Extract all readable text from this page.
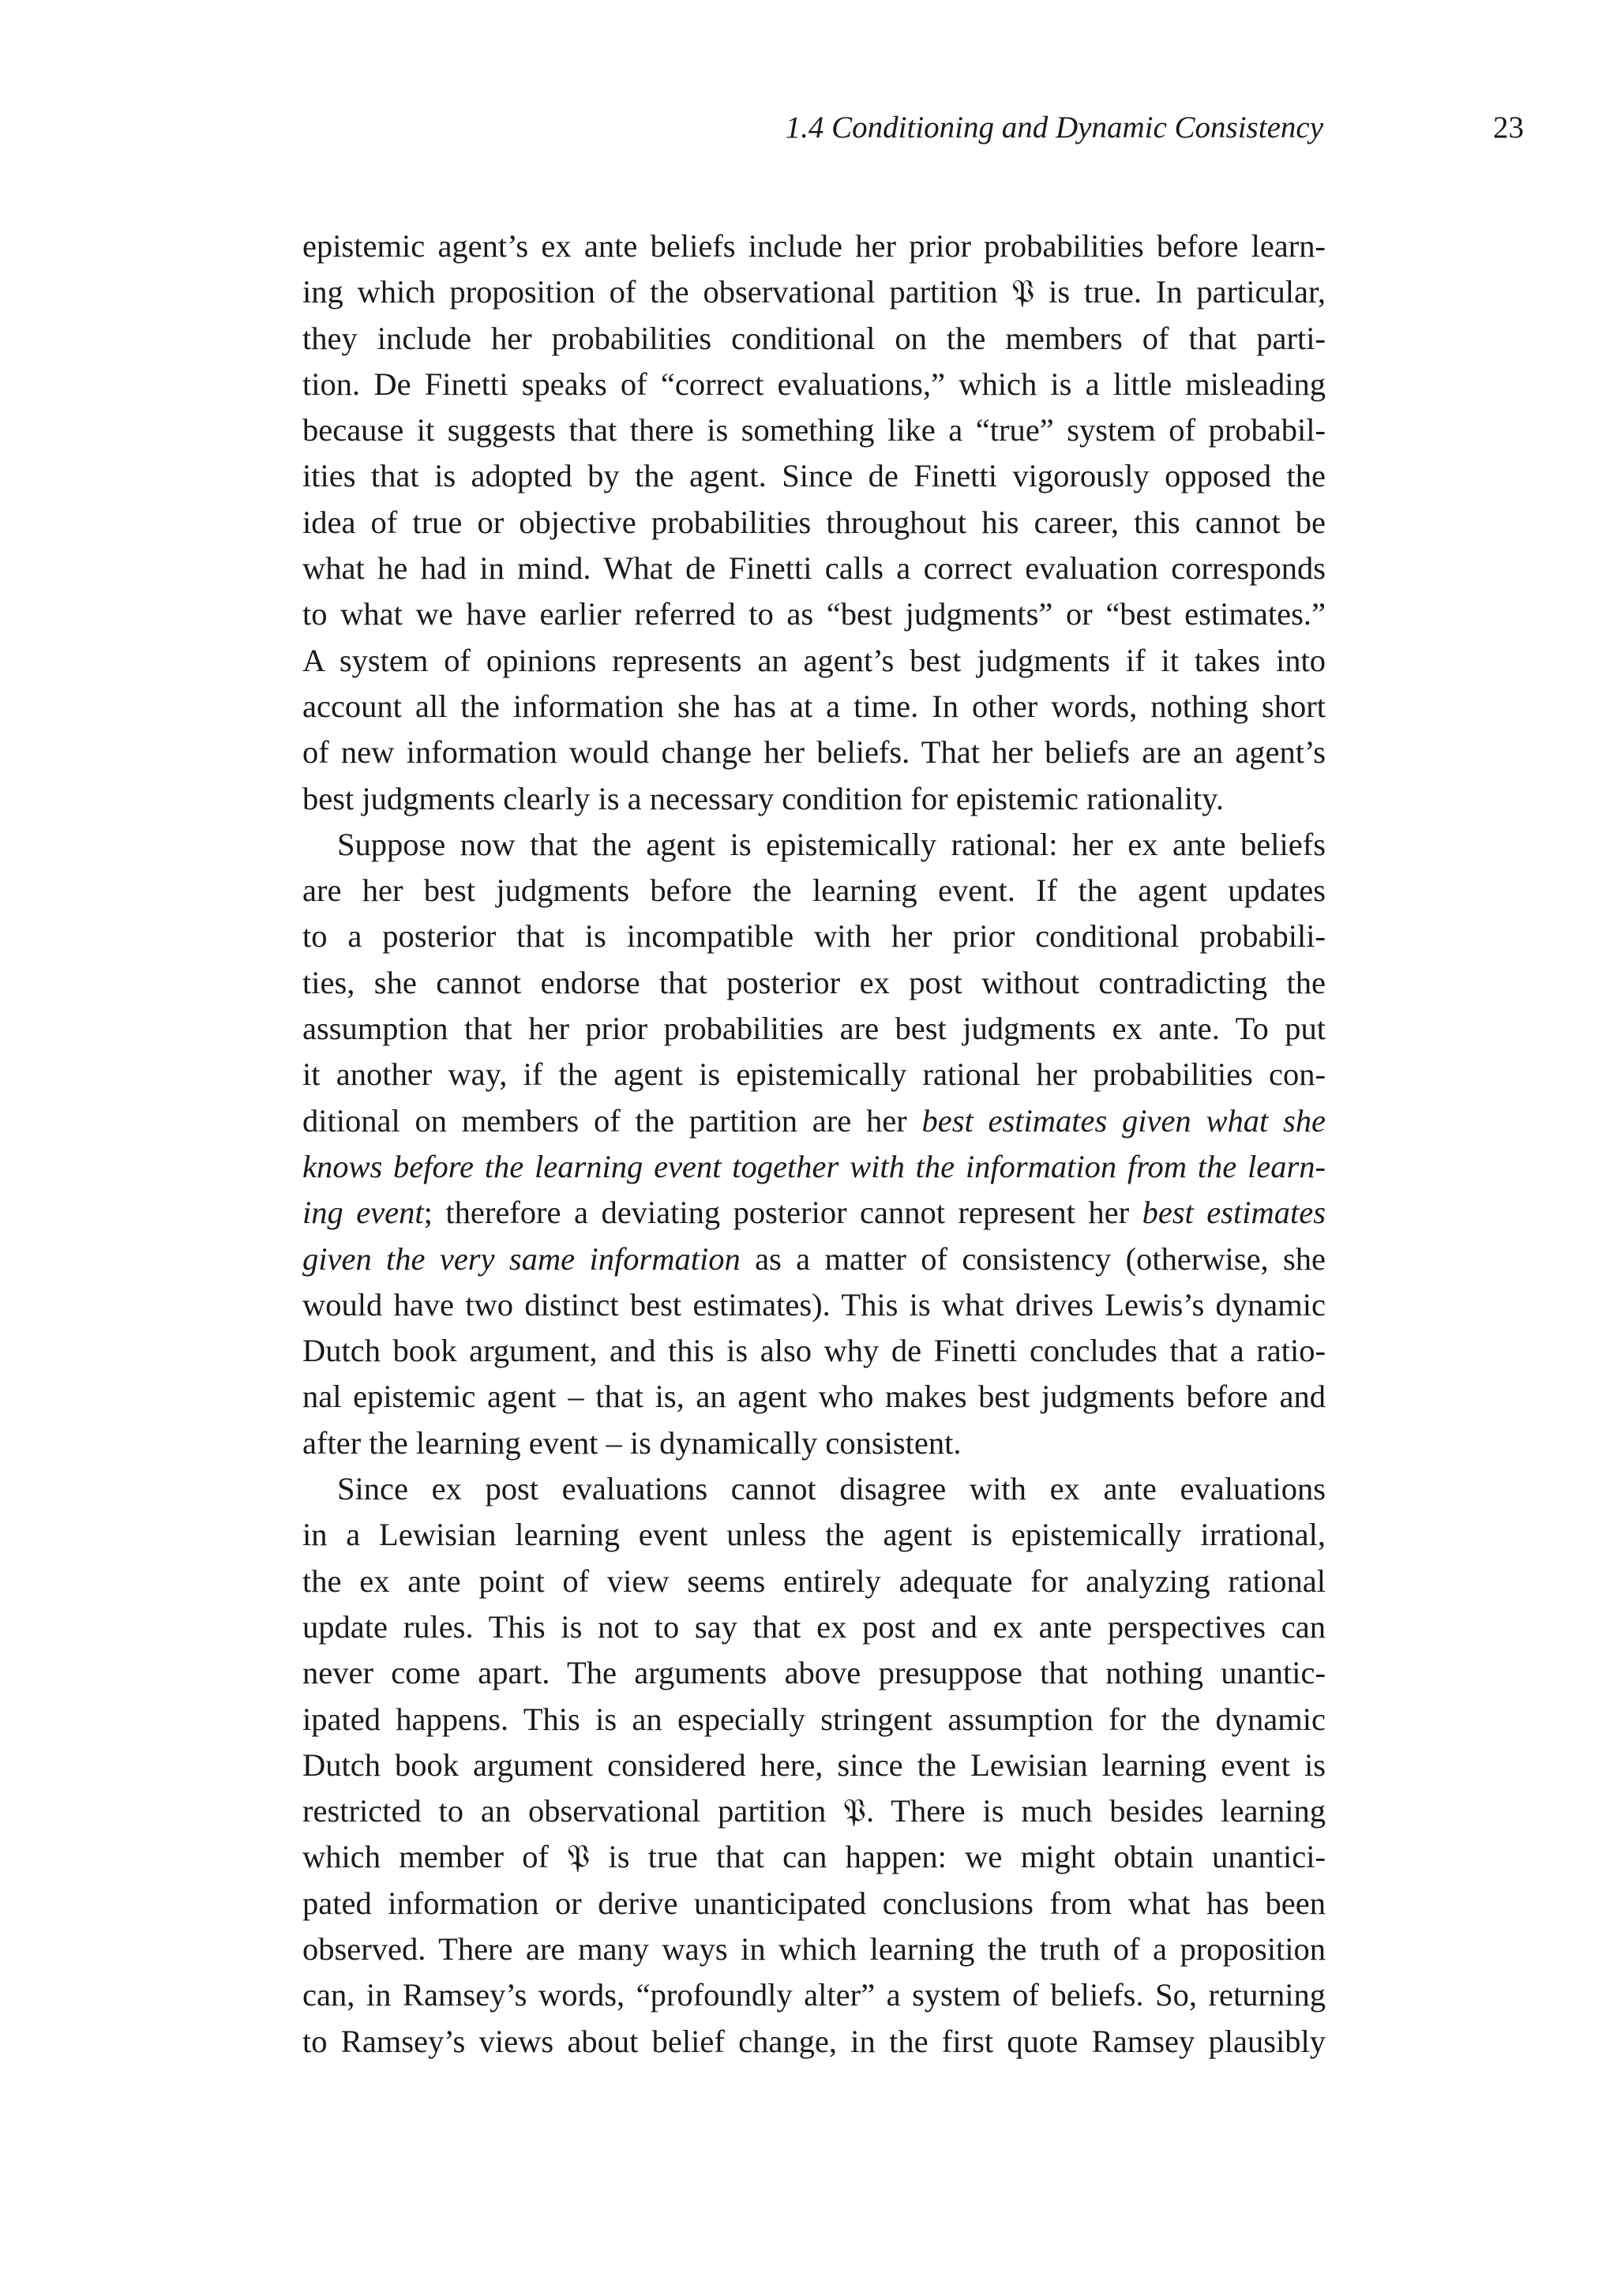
1.4 Conditioning and Dynamic Consistency	23

epistemic agent’s ex ante beliefs include her prior probabilities before learn-
ing which proposition of the observational partition 𝔓 is true. In particular,
they include her probabilities conditional on the members of that parti-
tion. De Finetti speaks of “correct evaluations,” which is a little misleading
because it suggests that there is something like a “true” system of probabil-
ities that is adopted by the agent. Since de Finetti vigorously opposed the
idea of true or objective probabilities throughout his career, this cannot be
what he had in mind. What de Finetti calls a correct evaluation corresponds
to what we have earlier referred to as “best judgments” or “best estimates.”
A system of opinions represents an agent’s best judgments if it takes into
account all the information she has at a time. In other words, nothing short
of new information would change her beliefs. That her beliefs are an agent’s
best judgments clearly is a necessary condition for epistemic rationality.

Suppose now that the agent is epistemically rational: her ex ante beliefs
are her best judgments before the learning event. If the agent updates
to a posterior that is incompatible with her prior conditional probabili-
ties, she cannot endorse that posterior ex post without contradicting the
assumption that her prior probabilities are best judgments ex ante. To put
it another way, if the agent is epistemically rational her probabilities con-
ditional on members of the partition are her best estimates given what she
knows before the learning event together with the information from the learn-
ing event; therefore a deviating posterior cannot represent her best estimates
given the very same information as a matter of consistency (otherwise, she
would have two distinct best estimates). This is what drives Lewis’s dynamic
Dutch book argument, and this is also why de Finetti concludes that a ratio-
nal epistemic agent – that is, an agent who makes best judgments before and
after the learning event – is dynamically consistent.

Since ex post evaluations cannot disagree with ex ante evaluations
in a Lewisian learning event unless the agent is epistemically irrational,
the ex ante point of view seems entirely adequate for analyzing rational
update rules. This is not to say that ex post and ex ante perspectives can
never come apart. The arguments above presuppose that nothing unantic-
ipated happens. This is an especially stringent assumption for the dynamic
Dutch book argument considered here, since the Lewisian learning event is
restricted to an observational partition 𝔓. There is much besides learning
which member of 𝔓 is true that can happen: we might obtain unantici-
pated information or derive unanticipated conclusions from what has been
observed. There are many ways in which learning the truth of a proposition
can, in Ramsey’s words, “profoundly alter” a system of beliefs. So, returning
to Ramsey’s views about belief change, in the first quote Ramsey plausibly
